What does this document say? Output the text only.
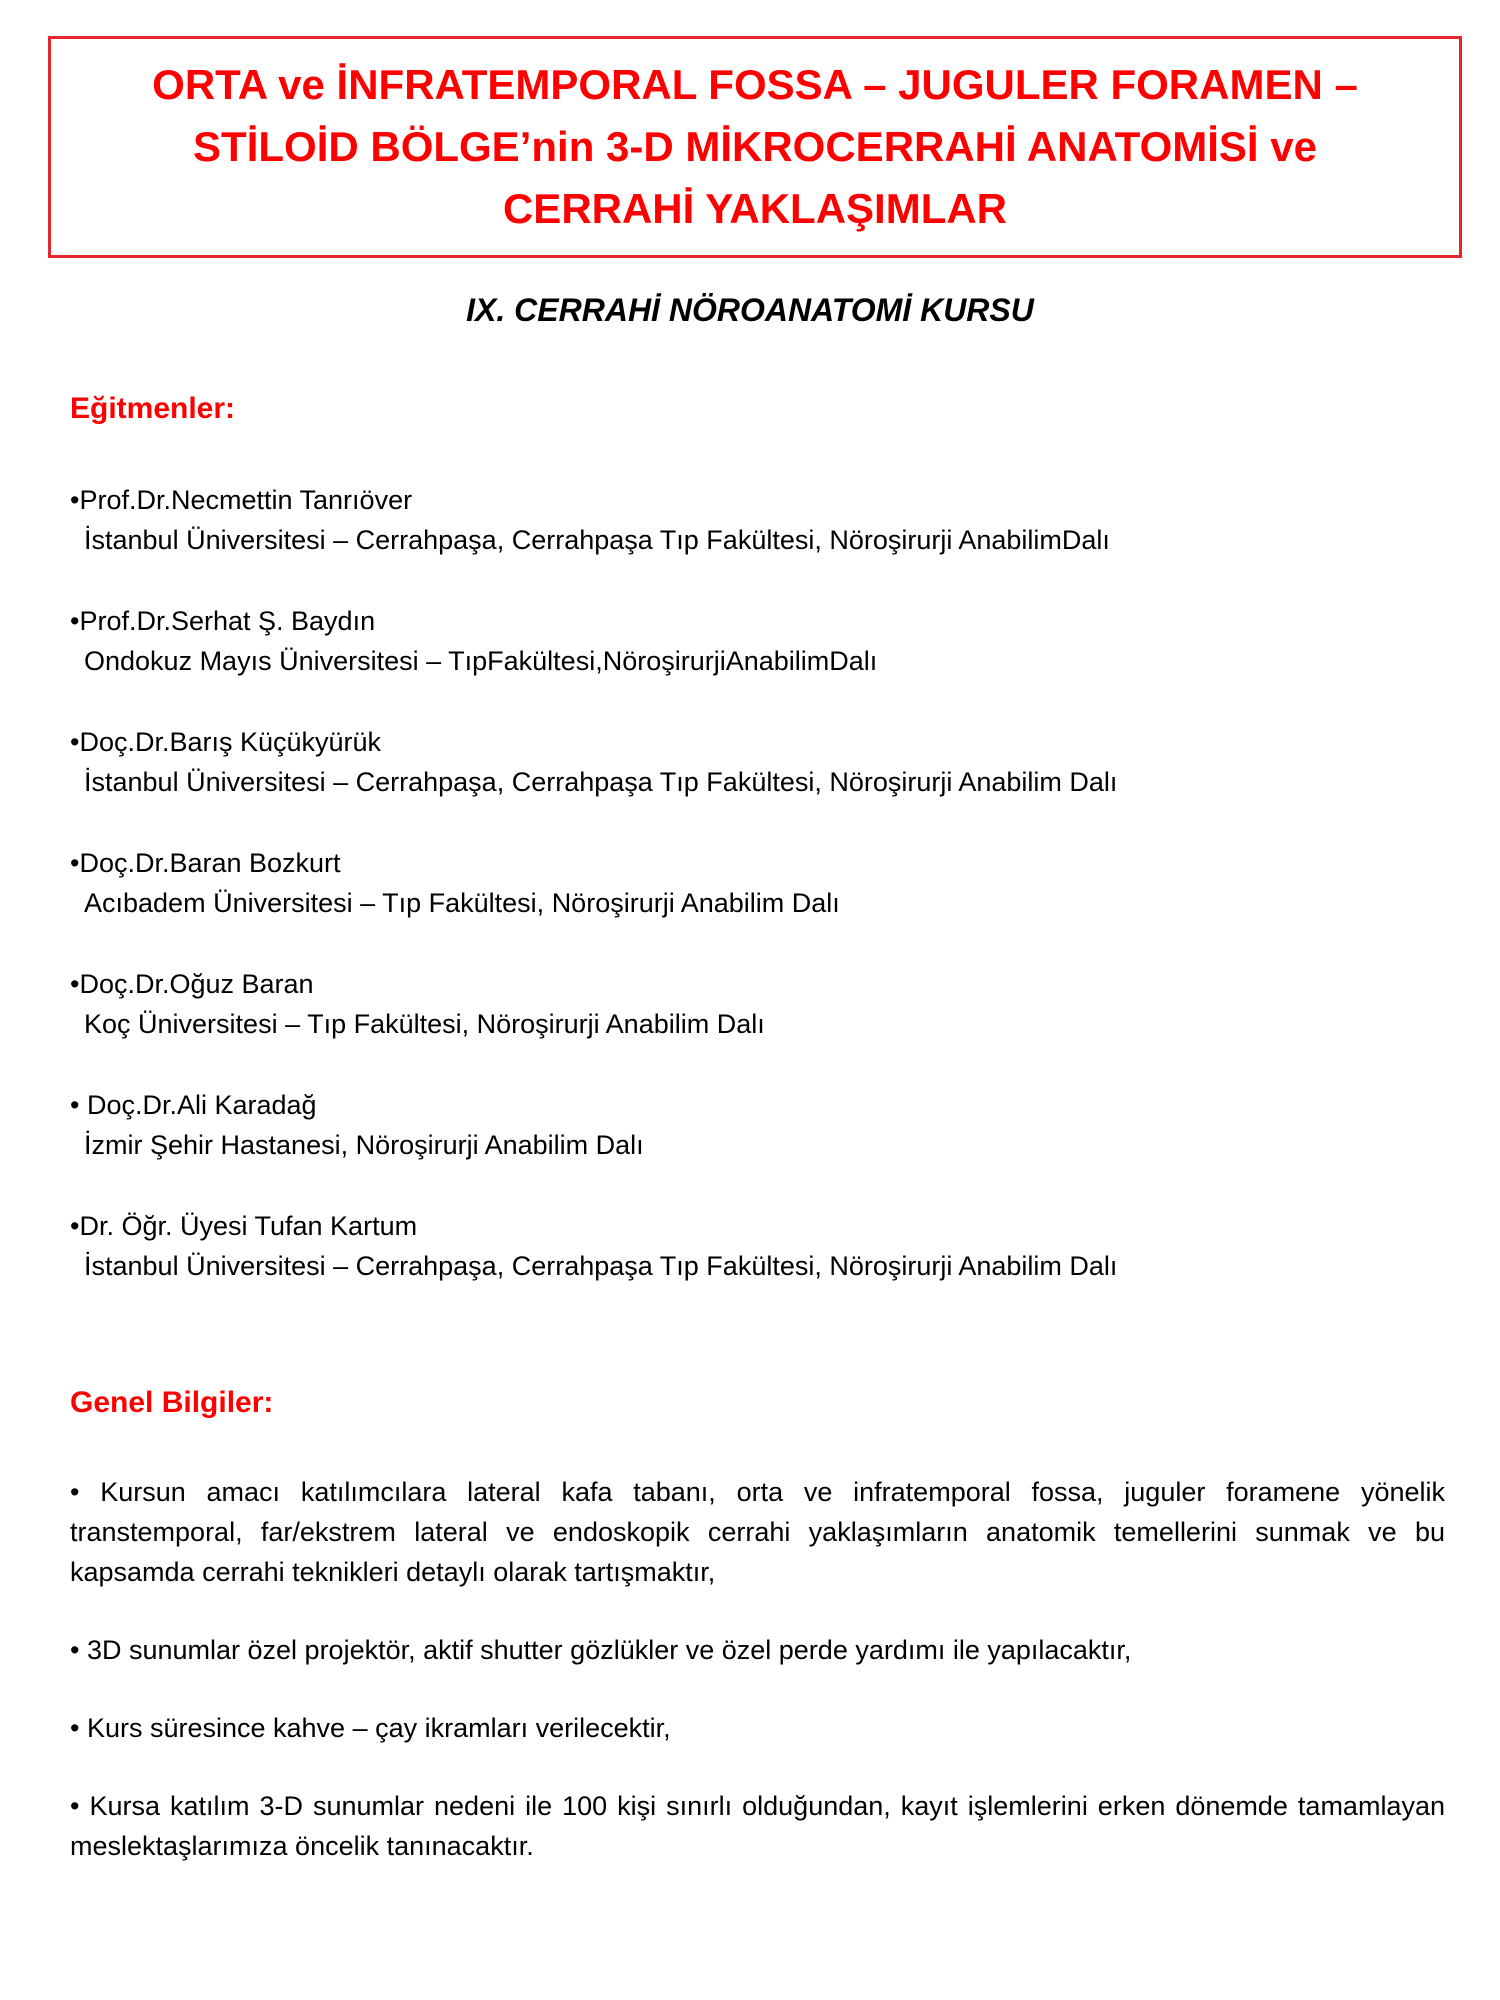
ORTA ve İNFRATEMPORAL FOSSA – JUGULER FORAMEN –
STİLOİD BÖLGE’nin 3-D MİKROCERRAHİ ANATOMİSİ ve
CERRAHİ YAKLAŞIMLAR
IX. CERRAHİ NÖROANATOMİ KURSU
Eğitmenler:
•Prof.Dr.Necmettin Tanrıöver
İstanbul Üniversitesi – Cerrahpaşa, Cerrahpaşa Tıp Fakültesi, Nöroşirurji AnabilimDalı
•Prof.Dr.Serhat Ş. Baydın
Ondokuz Mayıs Üniversitesi – TıpFakültesi,NöroşirurjiAnabilimDalı
•Doç.Dr.Barış Küçükyürük
İstanbul Üniversitesi – Cerrahpaşa, Cerrahpaşa Tıp Fakültesi, Nöroşirurji Anabilim Dalı
•Doç.Dr.Baran Bozkurt
Acıbadem Üniversitesi – Tıp Fakültesi, Nöroşirurji Anabilim Dalı
•Doç.Dr.Oğuz Baran
Koç Üniversitesi – Tıp Fakültesi, Nöroşirurji Anabilim Dalı
• Doç.Dr.Ali Karadağ
İzmir Şehir Hastanesi, Nöroşirurji Anabilim Dalı
•Dr. Öğr. Üyesi Tufan Kartum
İstanbul Üniversitesi – Cerrahpaşa, Cerrahpaşa Tıp Fakültesi, Nöroşirurji Anabilim Dalı
Genel Bilgiler:
• Kursun amacı katılımcılara lateral kafa tabanı, orta ve infratemporal fossa, juguler foramene yönelik transtemporal, far/ekstrem lateral ve endoskopik cerrahi yaklaşımların anatomik temellerini sunmak ve bu kapsamda cerrahi teknikleri detaylı olarak tartışmaktır,
• 3D sunumlar özel projektör, aktif shutter gözlükler ve özel perde yardımı ile yapılacaktır,
• Kurs süresince kahve – çay ikramları verilecektir,
• Kursa katılım 3-D sunumlar nedeni ile 100 kişi sınırlı olduğundan, kayıt işlemlerini erken dönemde tamamlayan meslektaşlarımıza öncelik tanınacaktır.
